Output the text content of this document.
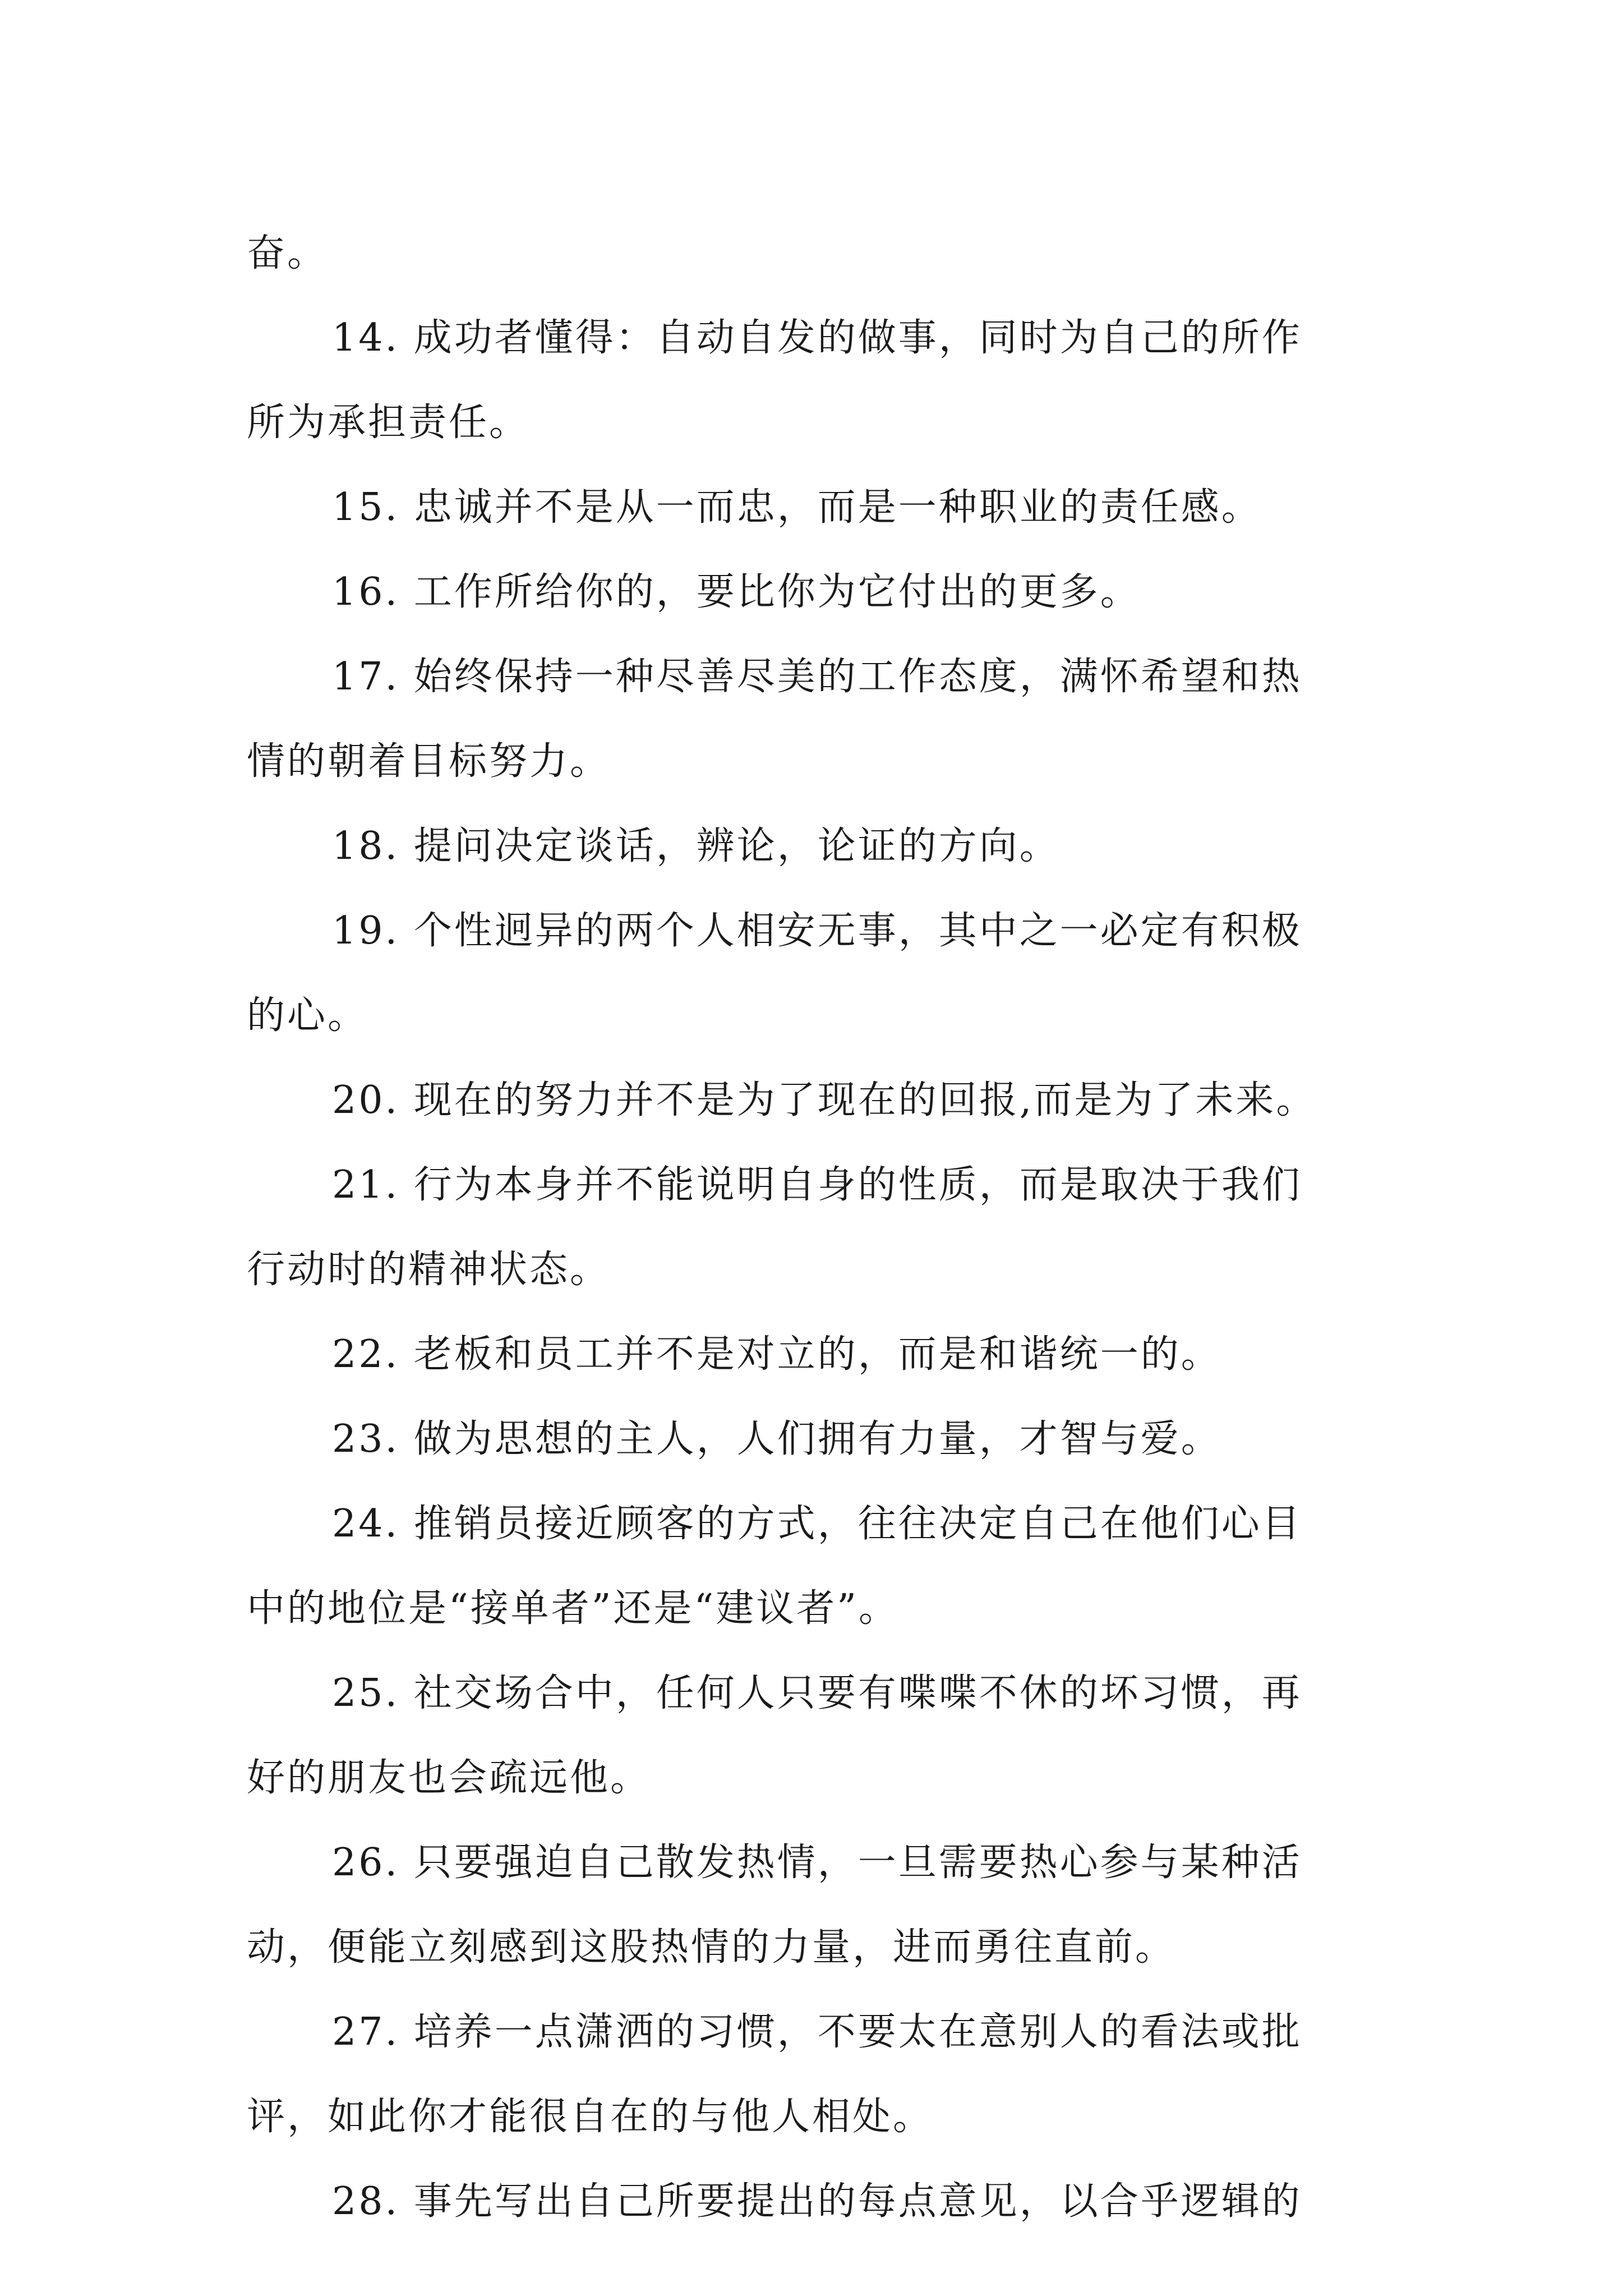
奋。
14. 成功者懂得：自动自发的做事，同时为自己的所作
所为承担责任。
15. 忠诚并不是从一而忠，而是一种职业的责任感。
16. 工作所给你的，要比你为它付出的更多。
17. 始终保持一种尽善尽美的工作态度，满怀希望和热
情的朝着目标努力。
18. 提问决定谈话，辨论，论证的方向。
19. 个性迥异的两个人相安无事，其中之一必定有积极
的心。
20. 现在的努力并不是为了现在的回报,而是为了未来。
21. 行为本身并不能说明自身的性质，而是取决于我们
行动时的精神状态。
22. 老板和员工并不是对立的，而是和谐统一的。
23. 做为思想的主人，人们拥有力量，才智与爱。
24. 推销员接近顾客的方式，往往决定自己在他们心目
中的地位是“接单者”还是“建议者”。
25. 社交场合中，任何人只要有喋喋不休的坏习惯，再
好的朋友也会疏远他。
26. 只要强迫自己散发热情，一旦需要热心参与某种活
动，便能立刻感到这股热情的力量，进而勇往直前。
27. 培养一点潇洒的习惯，不要太在意别人的看法或批
评，如此你才能很自在的与他人相处。
28. 事先写出自己所要提出的每点意见，以合乎逻辑的
